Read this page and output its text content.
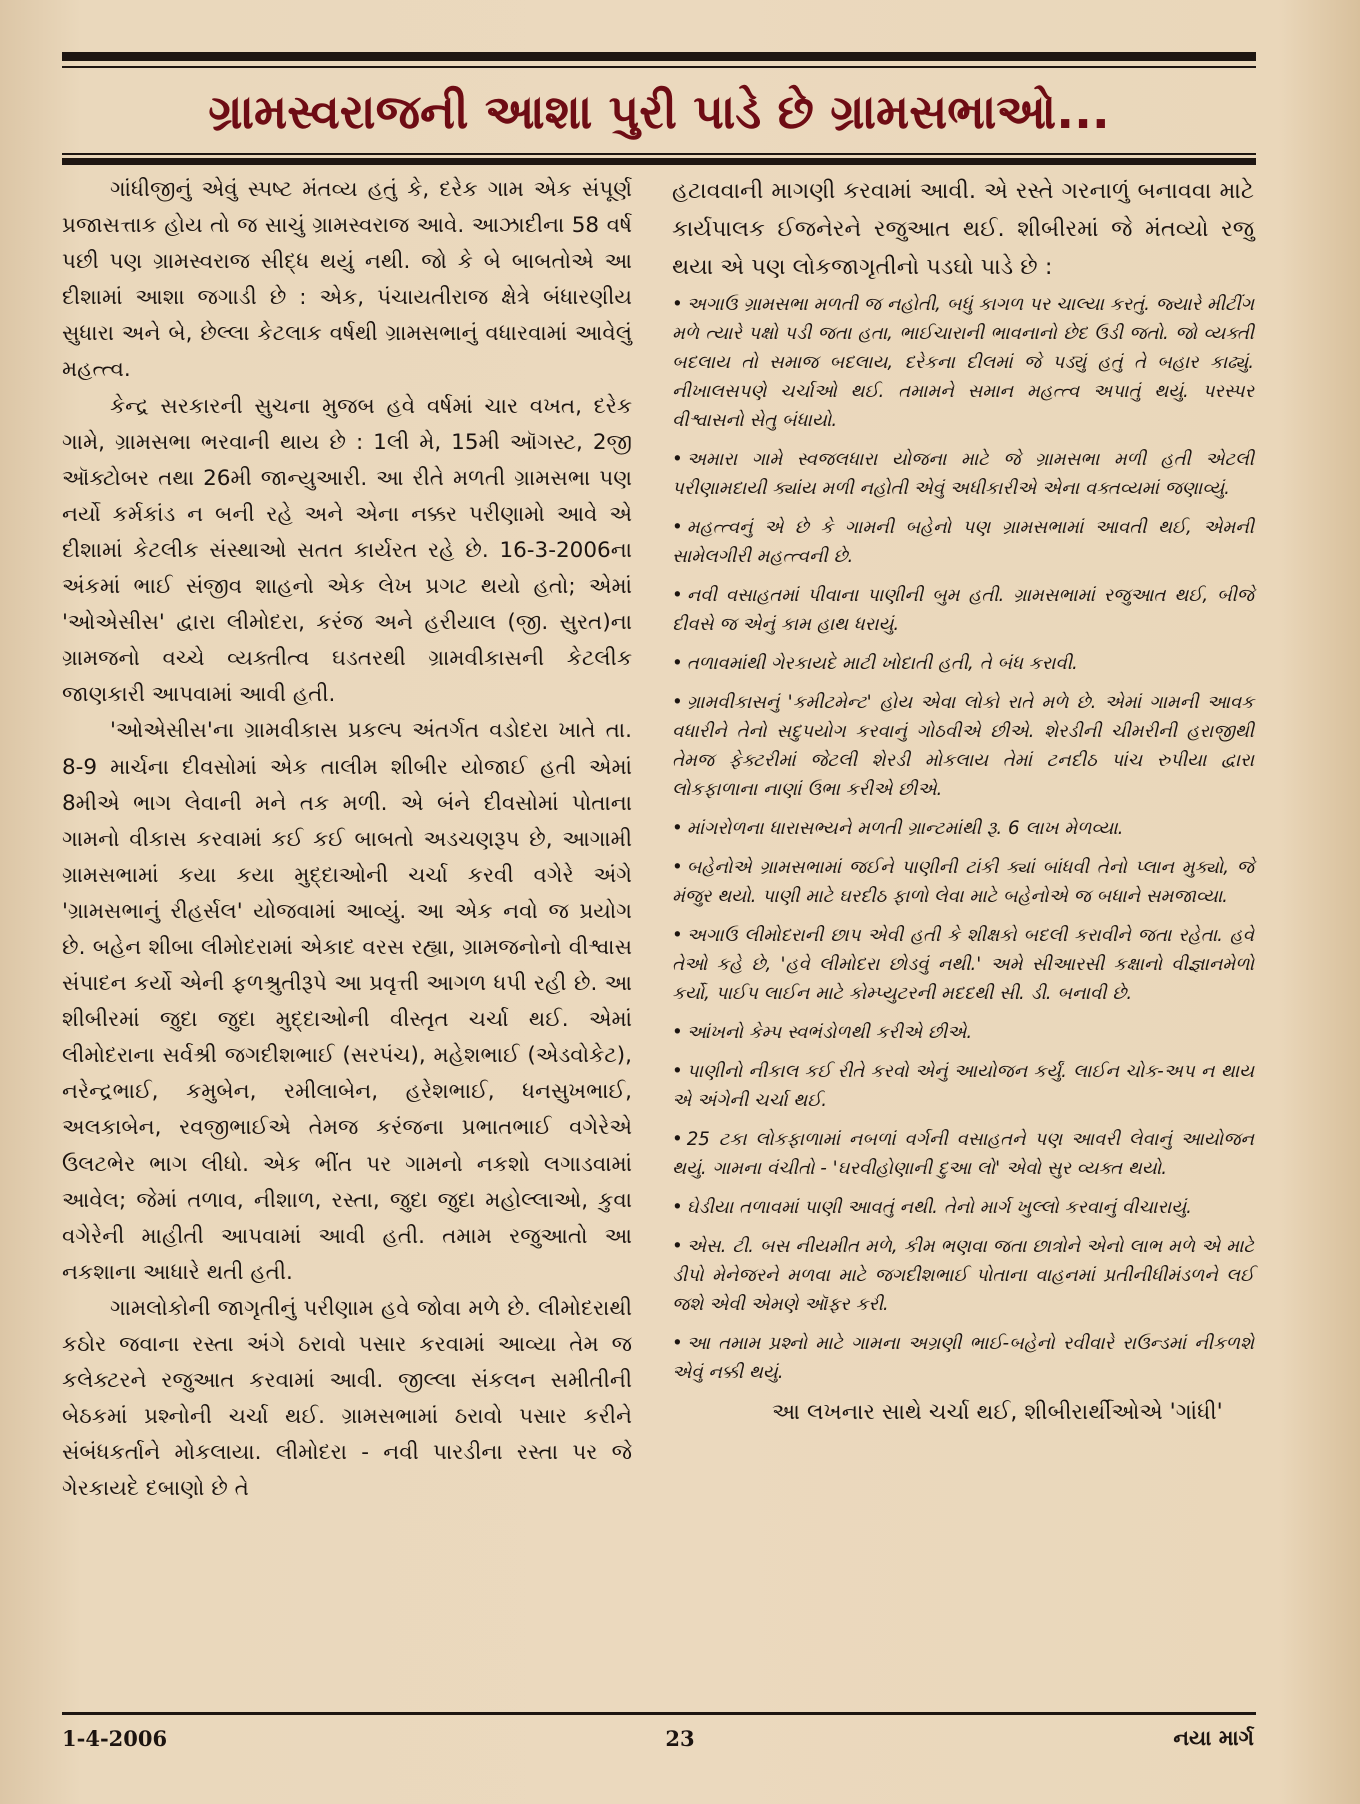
ગ્રામસ્વરાજની આશા પુરી પાડે છે ગ્રામસભાઓ...

ગાંધીજીનું એવું સ્પષ્ટ મંતવ્ય હતું કે, દરેક ગામ એક સંપૂર્ણ પ્રજાસત્તાક હોય તો જ સાચું ગ્રામસ્વરાજ આવે. આઝાદીના 58 વર્ષ પછી પણ ગ્રામસ્વરાજ સીદ્ધ થયું નથી. જો કે બે બાબતોએ આ દીશામાં આશા જગાડી છે : એક, પંચાયતીરાજ ક્ષેત્રે બંધારણીય સુધારા અને બે, છેલ્લા કેટલાક વર્ષથી ગ્રામસભાનું વધારવામાં આવેલું મહત્ત્વ.

કેન્દ્ર સરકારની સુચના મુજબ હવે વર્ષમાં ચાર વખત, દરેક ગામે, ગ્રામસભા ભરવાની થાય છે : 1લી મે, 15મી ઑગસ્ટ, 2જી ઑક્ટોબર તથા 26મી જાન્યુઆરી. આ રીતે મળતી ગ્રામસભા પણ નર્યો કર્મકાંડ ન બની રહે અને એના નક્કર પરીણામો આવે એ દીશામાં કેટલીક સંસ્થાઓ સતત કાર્યરત રહે છે. 16-3-2006ના અંકમાં ભાઈ સંજીવ શાહનો એક લેખ પ્રગટ થયો હતો; એમાં 'ઓએસીસ' દ્વારા લીમોદરા, કરંજ અને હરીયાલ (જી. સુરત)ના ગ્રામજનો વચ્ચે વ્યક્તીત્વ ઘડતરથી ગ્રામવીકાસની કેટલીક જાણકારી આપવામાં આવી હતી.

'ઓએસીસ'ના ગ્રામવીકાસ પ્રકલ્પ અંતર્ગત વડોદરા ખાતે તા. 8-9 માર્ચના દીવસોમાં એક તાલીમ શીબીર યોજાઈ હતી એમાં 8મીએ ભાગ લેવાની મને તક મળી. એ બંને દીવસોમાં પોતાના ગામનો વીકાસ કરવામાં કઈ કઈ બાબતો અડચણરૂપ છે, આગામી ગ્રામસભામાં કયા કયા મુદ્દાઓની ચર્ચા કરવી વગેરે અંગે 'ગ્રામસભાનું રીહર્સલ' યોજવામાં આવ્યું. આ એક નવો જ પ્રયોગ છે. બહેન શીબા લીમોદરામાં એકાદ વરસ રહ્યા, ગ્રામજનોનો વીશ્વાસ સંપાદન કર્યો એની ફળશ્રુતીરૂપે આ પ્રવૃત્તી આગળ ધપી રહી છે. આ શીબીરમાં જુદા જુદા મુદ્દાઓની વીસ્તૃત ચર્ચા થઈ. એમાં લીમોદરાના સર્વશ્રી જગદીશભાઈ (સરપંચ), મહેશભાઈ (એડવોકેટ), નરેન્દ્રભાઈ, કમુબેન, રમીલાબેન, હરેશભાઈ, ધનસુખભાઈ, અલકાબેન, રવજીભાઈએ તેમજ કરંજના પ્રભાતભાઈ વગેરેએ ઉલટભેર ભાગ લીધો. એક ભીંત પર ગામનો નકશો લગાડવામાં આવેલ; જેમાં તળાવ, નીશાળ, રસ્તા, જુદા જુદા મહોલ્લાઓ, કુવા વગેરેની માહીતી આપવામાં આવી હતી. તમામ રજુઆતો આ નકશાના આધારે થતી હતી.

ગામલોકોની જાગૃતીનું પરીણામ હવે જોવા મળે છે. લીમોદરાથી કઠોર જવાના રસ્તા અંગે ઠરાવો પસાર કરવામાં આવ્યા તેમ જ કલેક્ટરને રજુઆત કરવામાં આવી. જીલ્લા સંકલન સમીતીની બેઠકમાં પ્રશ્નોની ચર્ચા થઈ. ગ્રામસભામાં ઠરાવો પસાર કરીને સંબંધકર્તાને મોકલાયા. લીમોદરા - નવી પારડીના રસ્તા પર જે ગેરકાયદે દબાણો છે તે

હટાવવાની માગણી કરવામાં આવી. એ રસ્તે ગરનાળું બનાવવા માટે કાર્યપાલક ઈજનેરને રજુઆત થઈ. શીબીરમાં જે મંતવ્યો રજુ થયા એ પણ લોકજાગૃતીનો પડઘો પાડે છે :

• અગાઉ ગ્રામસભા મળતી જ નહોતી, બધું કાગળ પર ચાલ્યા કરતું. જ્યારે મીટીંગ મળે ત્યારે પક્ષો પડી જતા હતા, ભાઈચારાની ભાવનાનો છેદ ઉડી જતો. જો વ્યક્તી બદલાય તો સમાજ બદલાય, દરેકના દીલમાં જે પડ્યું હતું તે બહાર કાઢ્યું. નીખાલસપણે ચર્ચાઓ થઈ. તમામને સમાન મહત્ત્વ અપાતું થયું. પરસ્પર વીશ્વાસનો સેતુ બંધાયો.

• અમારા ગામે સ્વજલધારા યોજના માટે જે ગ્રામસભા મળી હતી એટલી પરીણામદાયી ક્યાંય મળી નહોતી એવું અધીકારીએ એના વક્તવ્યમાં જણાવ્યું.

• મહત્ત્વનું એ છે કે ગામની બહેનો પણ ગ્રામસભામાં આવતી થઈ, એમની સામેલગીરી મહત્ત્વની છે.

• નવી વસાહતમાં પીવાના પાણીની બુમ હતી. ગ્રામસભામાં રજુઆત થઈ, બીજે દીવસે જ એનું કામ હાથ ધરાયું.

• તળાવમાંથી ગેરકાયદે માટી ખોદાતી હતી, તે બંધ કરાવી.

• ગ્રામવીકાસનું 'કમીટમેન્ટ' હોય એવા લોકો રાતે મળે છે. એમાં ગામની આવક વધારીને તેનો સદુપયોગ કરવાનું ગોઠવીએ છીએ. શેરડીની ચીમરીની હરાજીથી તેમજ ફેક્ટરીમાં જેટલી શેરડી મોકલાય તેમાં ટનદીઠ પાંચ રુપીયા દ્વારા લોકફાળાના નાણાં ઉભા કરીએ છીએ.

• માંગરોળના ધારાસભ્યને મળતી ગ્રાન્ટમાંથી રૂ. 6 લાખ મેળવ્યા.

• બહેનોએ ગ્રામસભામાં જઈને પાણીની ટાંકી ક્યાં બાંધવી તેનો પ્લાન મુક્યો, જે મંજુર થયો. પાણી માટે ઘરદીઠ ફાળો લેવા માટે બહેનોએ જ બધાને સમજાવ્યા.

• અગાઉ લીમોદરાની છાપ એવી હતી કે શીક્ષકો બદલી કરાવીને જતા રહેતા. હવે તેઓ કહે છે, 'હવે લીમોદરા છોડવું નથી.' અમે સીઆરસી કક્ષાનો વીજ્ઞાનમેળો કર્યો, પાઈપ લાઈન માટે કોમ્પ્યુટરની મદદથી સી. ડી. બનાવી છે.

• આંખનો કેમ્પ સ્વભંડોળથી કરીએ છીએ.

• પાણીનો નીકાલ કઈ રીતે કરવો એનું આયોજન કર્યું. લાઈન ચોક-અપ ન થાય એ અંગેની ચર્ચા થઈ.

• 25 ટકા લોકફાળામાં નબળાં વર્ગની વસાહતને પણ આવરી લેવાનું આયોજન થયું. ગામના વંચીતો - 'ઘરવીહોણાની દુઆ લો' એવો સુર વ્યક્ત થયો.

• ઘેડીયા તળાવમાં પાણી આવતું નથી. તેનો માર્ગ ખુલ્લો કરવાનું વીચારાયું.

• એસ. ટી. બસ નીયમીત મળે, કીમ ભણવા જતા છાત્રોને એનો લાભ મળે એ માટે ડીપો મેનેજરને મળવા માટે જગદીશભાઈ પોતાના વાહનમાં પ્રતીનીધીમંડળને લઈ જશે એવી એમણે ઑફર કરી.

• આ તમામ પ્રશ્નો માટે ગામના અગ્રણી ભાઈ-બહેનો રવીવારે રાઉન્ડમાં નીકળશે એવું નક્કી થયું.

આ લખનાર સાથે ચર્ચા થઈ, શીબીરાર્થીઓએ 'ગાંધી'

1-4-2006	23	નયા માર્ગ
